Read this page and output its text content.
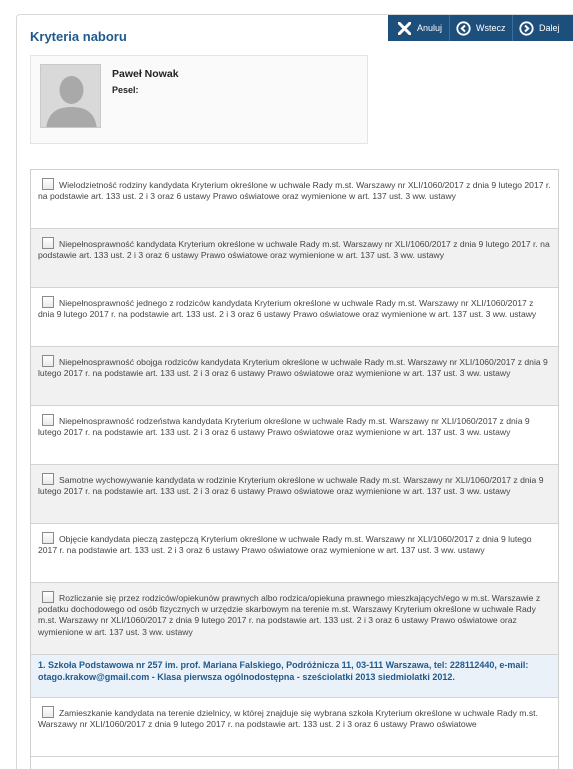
Kryteria naboru
Anuluj	Wstecz	Dalej
Paweł Nowak
Pesel:
Wielodzietność rodziny kandydata Kryterium określone w uchwale Rady m.st. Warszawy nr XLI/1060/2017 z dnia 9 lutego 2017 r. na podstawie art. 133 ust. 2 i 3 oraz 6 ustawy Prawo oświatowe oraz wymienione w art. 137 ust. 3 ww. ustawy
Niepełnosprawność kandydata Kryterium określone w uchwale Rady m.st. Warszawy nr XLI/1060/2017 z dnia 9 lutego 2017 r. na podstawie art. 133 ust. 2 i 3 oraz 6 ustawy Prawo oświatowe oraz wymienione w art. 137 ust. 3 ww. ustawy
Niepełnosprawność jednego z rodziców kandydata Kryterium określone w uchwale Rady m.st. Warszawy nr XLI/1060/2017 z dnia 9 lutego 2017 r. na podstawie art. 133 ust. 2 i 3 oraz 6 ustawy Prawo oświatowe oraz wymienione w art. 137 ust. 3 ww. ustawy
Niepełnosprawność obojga rodziców kandydata Kryterium określone w uchwale Rady m.st. Warszawy nr XLI/1060/2017 z dnia 9 lutego 2017 r. na podstawie art. 133 ust. 2 i 3 oraz 6 ustawy Prawo oświatowe oraz wymienione w art. 137 ust. 3 ww. ustawy
Niepełnosprawność rodzeństwa kandydata Kryterium określone w uchwale Rady m.st. Warszawy nr XLI/1060/2017 z dnia 9 lutego 2017 r. na podstawie art. 133 ust. 2 i 3 oraz 6 ustawy Prawo oświatowe oraz wymienione w art. 137 ust. 3 ww. ustawy
Samotne wychowywanie kandydata w rodzinie Kryterium określone w uchwale Rady m.st. Warszawy nr XLI/1060/2017 z dnia 9 lutego 2017 r. na podstawie art. 133 ust. 2 i 3 oraz 6 ustawy Prawo oświatowe oraz wymienione w art. 137 ust. 3 ww. ustawy
Objęcie kandydata pieczą zastępczą Kryterium określone w uchwale Rady m.st. Warszawy nr XLI/1060/2017 z dnia 9 lutego 2017 r. na podstawie art. 133 ust. 2 i 3 oraz 6 ustawy Prawo oświatowe oraz wymienione w art. 137 ust. 3 ww. ustawy
Rozliczanie się przez rodziców/opiekunów prawnych albo rodzica/opiekuna prawnego mieszkających/ego w m.st. Warszawie z podatku dochodowego od osób fizycznych w urzędzie skarbowym na terenie m.st. Warszawy Kryterium określone w uchwale Rady m.st. Warszawy nr XLI/1060/2017 z dnia 9 lutego 2017 r. na podstawie art. 133 ust. 2 i 3 oraz 6 ustawy Prawo oświatowe oraz wymienione w art. 137 ust. 3 ww. ustawy
1. Szkoła Podstawowa nr 257 im. prof. Mariana Falskiego, Podróżnicza 11, 03-111 Warszawa, tel: 228112440, e-mail: otago.krakow@gmail.com - Klasa pierwsza ogólnodostępna - sześciolatki 2013 siedmiolatki 2012.
Zamieszkanie kandydata na terenie dzielnicy, w której znajduje się wybrana szkoła Kryterium określone w uchwale Rady m.st. Warszawy nr XLI/1060/2017 z dnia 9 lutego 2017 r. na podstawie art. 133 ust. 2 i 3 oraz 6 ustawy Prawo oświatowe
